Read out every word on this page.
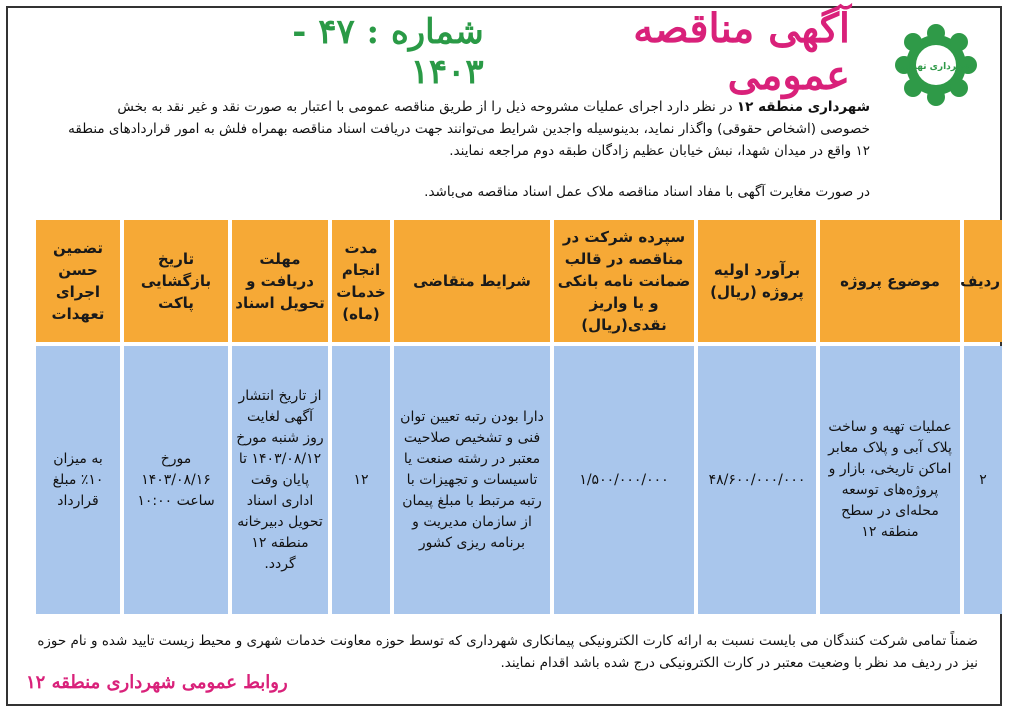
شهرداری تهران
آگهی مناقصه عمومی
شماره : ۴۷ - ۱۴۰۳
شهرداری منطقه ۱۲ در نظر دارد اجرای عملیات مشروحه ذیل را از طریق مناقصه عمومی با اعتبار به صورت نقد و غیر نقد به بخش خصوصی (اشخاص حقوقی) واگذار نماید، بدینوسیله واجدین شرایط می‌توانند جهت دریافت اسناد مناقصه بهمراه فلش به امور قراردادهای منطقه ۱۲ واقع در میدان شهدا، نبش خیابان عظیم زادگان طبقه دوم مراجعه نمایند.
در صورت مغایرت آگهی با مفاد اسناد مناقصه ملاک عمل اسناد مناقصه می‌باشد.
ردیف	موضوع پروژه	برآورد اولیه پروژه (ریال)	سپرده شرکت در مناقصه در قالب ضمانت نامه بانکی و یا واریز نقدی(ریال)	شرایط متقاضی	مدت انجام خدمات (ماه)	مهلت دریافت و تحویل اسناد	تاریخ بازگشایی پاکت	تضمین حسن اجرای تعهدات
۲	عملیات تهیه و ساخت پلاک آبی و پلاک معابر اماکن تاریخی، بازار و پروژه‌های توسعه محله‌ای در سطح منطقه ۱۲	۴۸/۶۰۰/۰۰۰/۰۰۰	۱/۵۰۰/۰۰۰/۰۰۰	دارا بودن رتبه تعیین توان فنی و تشخیص صلاحیت معتبر در رشته صنعت یا تاسیسات و تجهیزات با رتبه مرتبط با مبلغ پیمان از سازمان مدیریت و برنامه ریزی کشور	۱۲	از تاریخ انتشار آگهی لغایت روز شنبه مورخ ۱۴۰۳/۰۸/۱۲ تا پایان وقت اداری اسناد تحویل دبیرخانه منطقه ۱۲ گردد.	مورخ ۱۴۰۳/۰۸/۱۶ ساعت ۱۰:۰۰	به میزان ۱۰٪ مبلغ قرارداد
ضمناً تمامی شرکت کنندگان می بایست نسبت به ارائه کارت الکترونیکی پیمانکاری شهرداری که توسط حوزه معاونت خدمات شهری و محیط زیست تایید شده و نام حوزه نیز در ردیف مد نظر با وضعیت معتبر در کارت الکترونیکی درج شده باشد اقدام نمایند.
روابط عمومی شهرداری منطقه ۱۲
